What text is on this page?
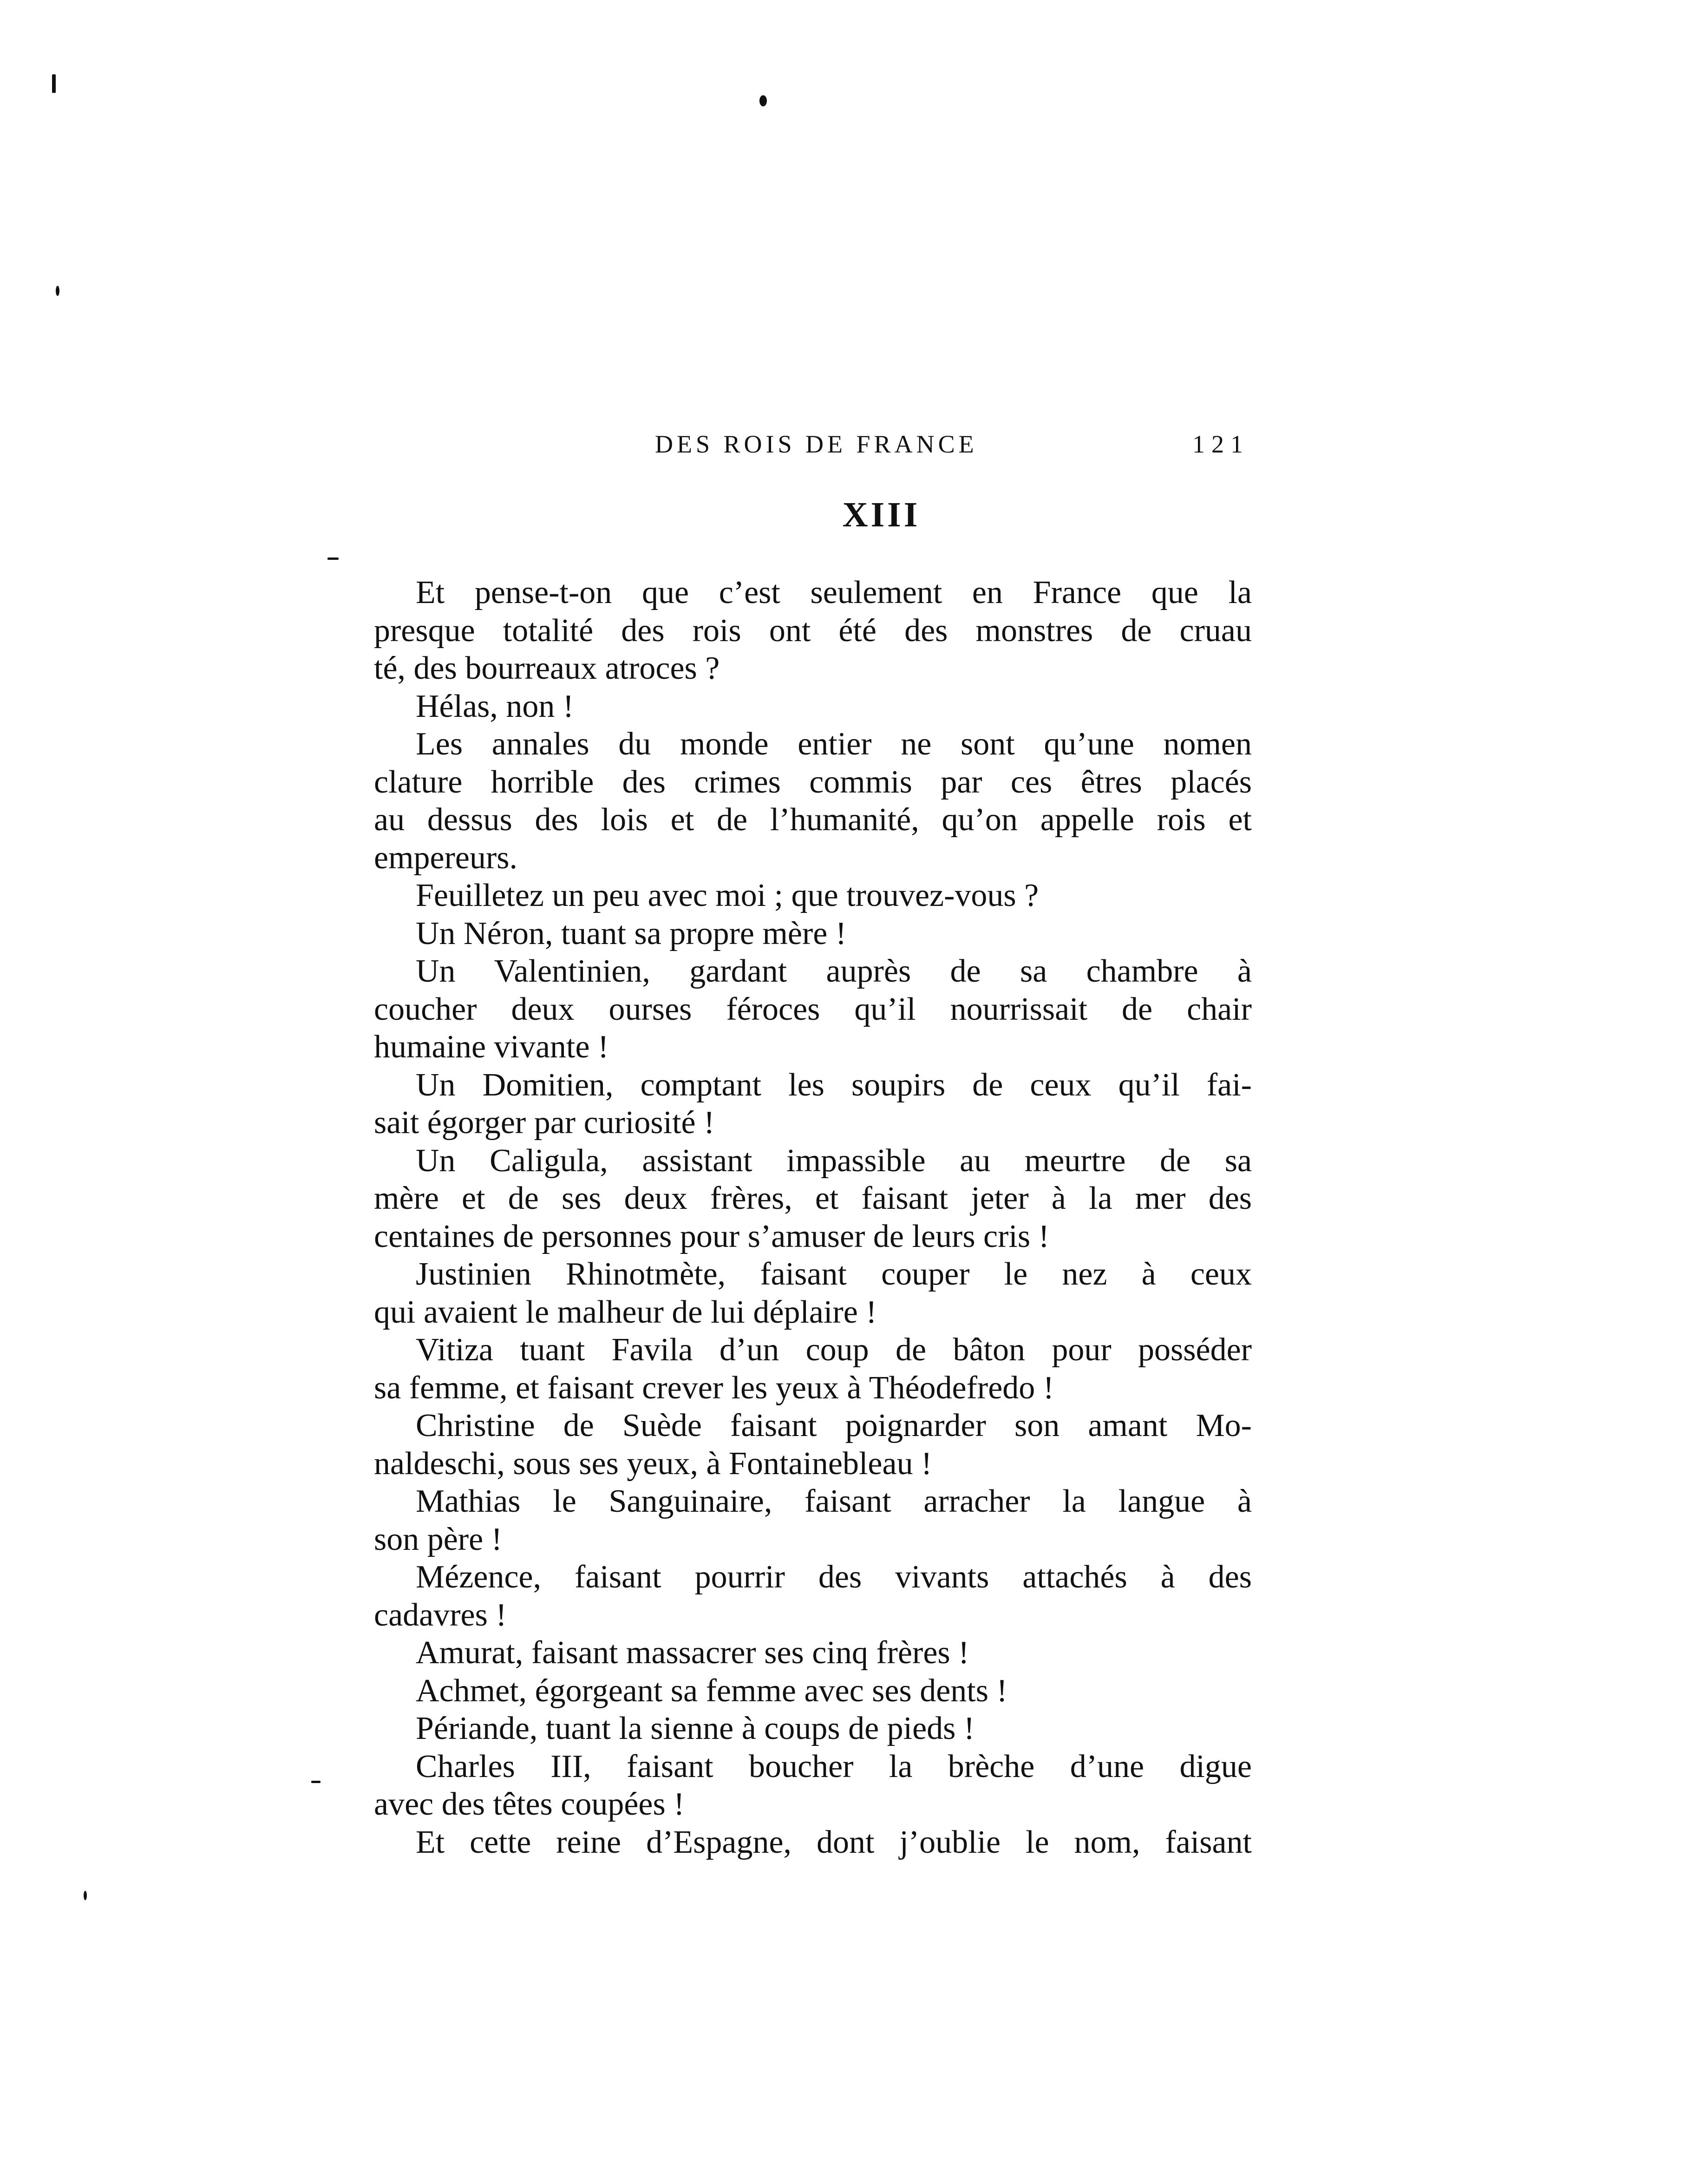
DES ROIS DE FRANCE	121
XIII
Et pense-t-on que c’est seulement en France que la
presque totalité des rois ont été des monstres de cruau
té, des bourreaux atroces ?
Hélas, non !
Les annales du monde entier ne sont qu’une nomen
clature horrible des crimes commis par ces êtres placés
au dessus des lois et de l’humanité, qu’on appelle rois et
empereurs.
Feuilletez un peu avec moi ; que trouvez-vous ?
Un Néron, tuant sa propre mère !
Un Valentinien, gardant auprès de sa chambre à
coucher deux ourses féroces qu’il nourrissait de chair
humaine vivante !
Un Domitien, comptant les soupirs de ceux qu’il fai-
sait égorger par curiosité !
Un Caligula, assistant impassible au meurtre de sa
mère et de ses deux frères, et faisant jeter à la mer des
centaines de personnes pour s’amuser de leurs cris !
Justinien Rhinotmète, faisant couper le nez à ceux
qui avaient le malheur de lui déplaire !
Vitiza tuant Favila d’un coup de bâton pour posséder
sa femme, et faisant crever les yeux à Théodefredo !
Christine de Suède faisant poignarder son amant Mo-
naldeschi, sous ses yeux, à Fontainebleau !
Mathias le Sanguinaire, faisant arracher la langue à
son père !
Mézence, faisant pourrir des vivants attachés à des
cadavres !
Amurat, faisant massacrer ses cinq frères !
Achmet, égorgeant sa femme avec ses dents !
Périande, tuant la sienne à coups de pieds !
Charles III, faisant boucher la brèche d’une digue
avec des têtes coupées !
Et cette reine d’Espagne, dont j’oublie le nom, faisant
